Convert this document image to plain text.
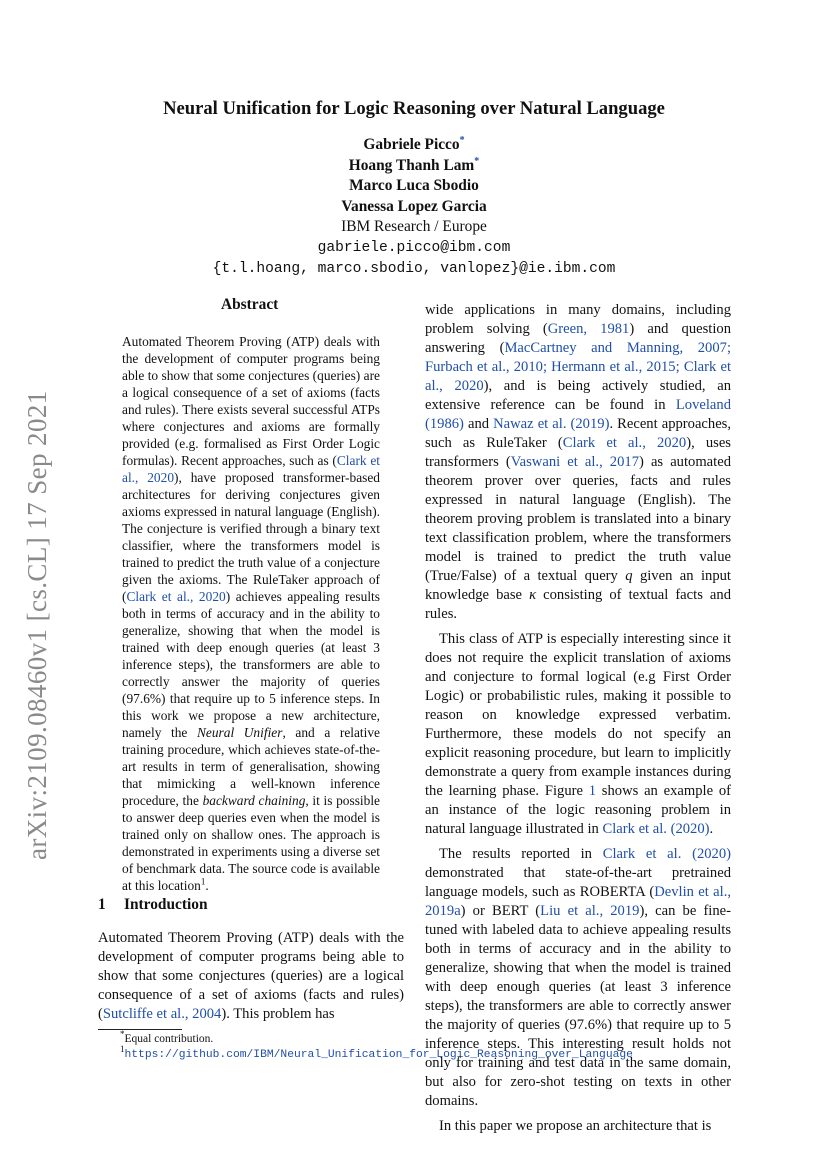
arXiv:2109.08460v1 [cs.CL] 17 Sep 2021
Neural Unification for Logic Reasoning over Natural Language
Gabriele Picco*
Hoang Thanh Lam*
Marco Luca Sbodio
Vanessa Lopez Garcia
IBM Research / Europe
gabriele.picco@ibm.com
{t.l.hoang, marco.sbodio, vanlopez}@ie.ibm.com
Abstract
Automated Theorem Proving (ATP) deals with the development of computer programs being able to show that some conjectures (queries) are a logical consequence of a set of axioms (facts and rules). There exists several successful ATPs where conjectures and axioms are formally provided (e.g. formalised as First Order Logic formulas). Recent approaches, such as (Clark et al., 2020), have proposed transformer-based architectures for deriving conjectures given axioms expressed in natural language (English). The conjecture is verified through a binary text classifier, where the transformers model is trained to predict the truth value of a conjecture given the axioms. The RuleTaker approach of (Clark et al., 2020) achieves appealing results both in terms of accuracy and in the ability to generalize, showing that when the model is trained with deep enough queries (at least 3 inference steps), the transformers are able to correctly answer the majority of queries (97.6%) that require up to 5 inference steps. In this work we propose a new architecture, namely the Neural Unifier, and a relative training procedure, which achieves state-of-the-art results in term of generalisation, showing that mimicking a well-known inference procedure, the backward chaining, it is possible to answer deep queries even when the model is trained only on shallow ones. The approach is demonstrated in experiments using a diverse set of benchmark data. The source code is available at this location$^1$.
1 Introduction
Automated Theorem Proving (ATP) deals with the development of computer programs being able to show that some conjectures (queries) are a logical consequence of a set of axioms (facts and rules) (Sutcliffe et al., 2004). This problem has

*Equal contribution.

$^1$https://github.com/IBM/Neural_Unification_for_Logic_Reasoning_over_Language

wide applications in many domains, including problem solving (Green, 1981) and question answering (MacCartney and Manning, 2007; Furbach et al., 2010; Hermann et al., 2015; Clark et al., 2020), and is being actively studied, an extensive reference can be found in Loveland (1986) and Nawaz et al. (2019). Recent approaches, such as RuleTaker (Clark et al., 2020), uses transformers (Vaswani et al., 2017) as automated theorem prover over queries, facts and rules expressed in natural language (English). The theorem proving problem is translated into a binary text classification problem, where the transformers model is trained to predict the truth value (True/False) of a textual query q given an input knowledge base κ consisting of textual facts and rules.

This class of ATP is especially interesting since it does not require the explicit translation of axioms and conjecture to formal logical (e.g First Order Logic) or probabilistic rules, making it possible to reason on knowledge expressed verbatim. Furthermore, these models do not specify an explicit reasoning procedure, but learn to implicitly demonstrate a query from example instances during the learning phase. Figure 1 shows an example of an instance of the logic reasoning problem in natural language illustrated in Clark et al. (2020).

The results reported in Clark et al. (2020) demonstrated that state-of-the-art pretrained language models, such as ROBERTA (Devlin et al., 2019a) or BERT (Liu et al., 2019), can be fine-tuned with labeled data to achieve appealing results both in terms of accuracy and in the ability to generalize, showing that when the model is trained with deep enough queries (at least 3 inference steps), the transformers are able to correctly answer the majority of queries (97.6%) that require up to 5 inference steps. This interesting result holds not only for training and test data in the same domain, but also for zero-shot testing on texts in other domains.

In this paper we propose an architecture that is
